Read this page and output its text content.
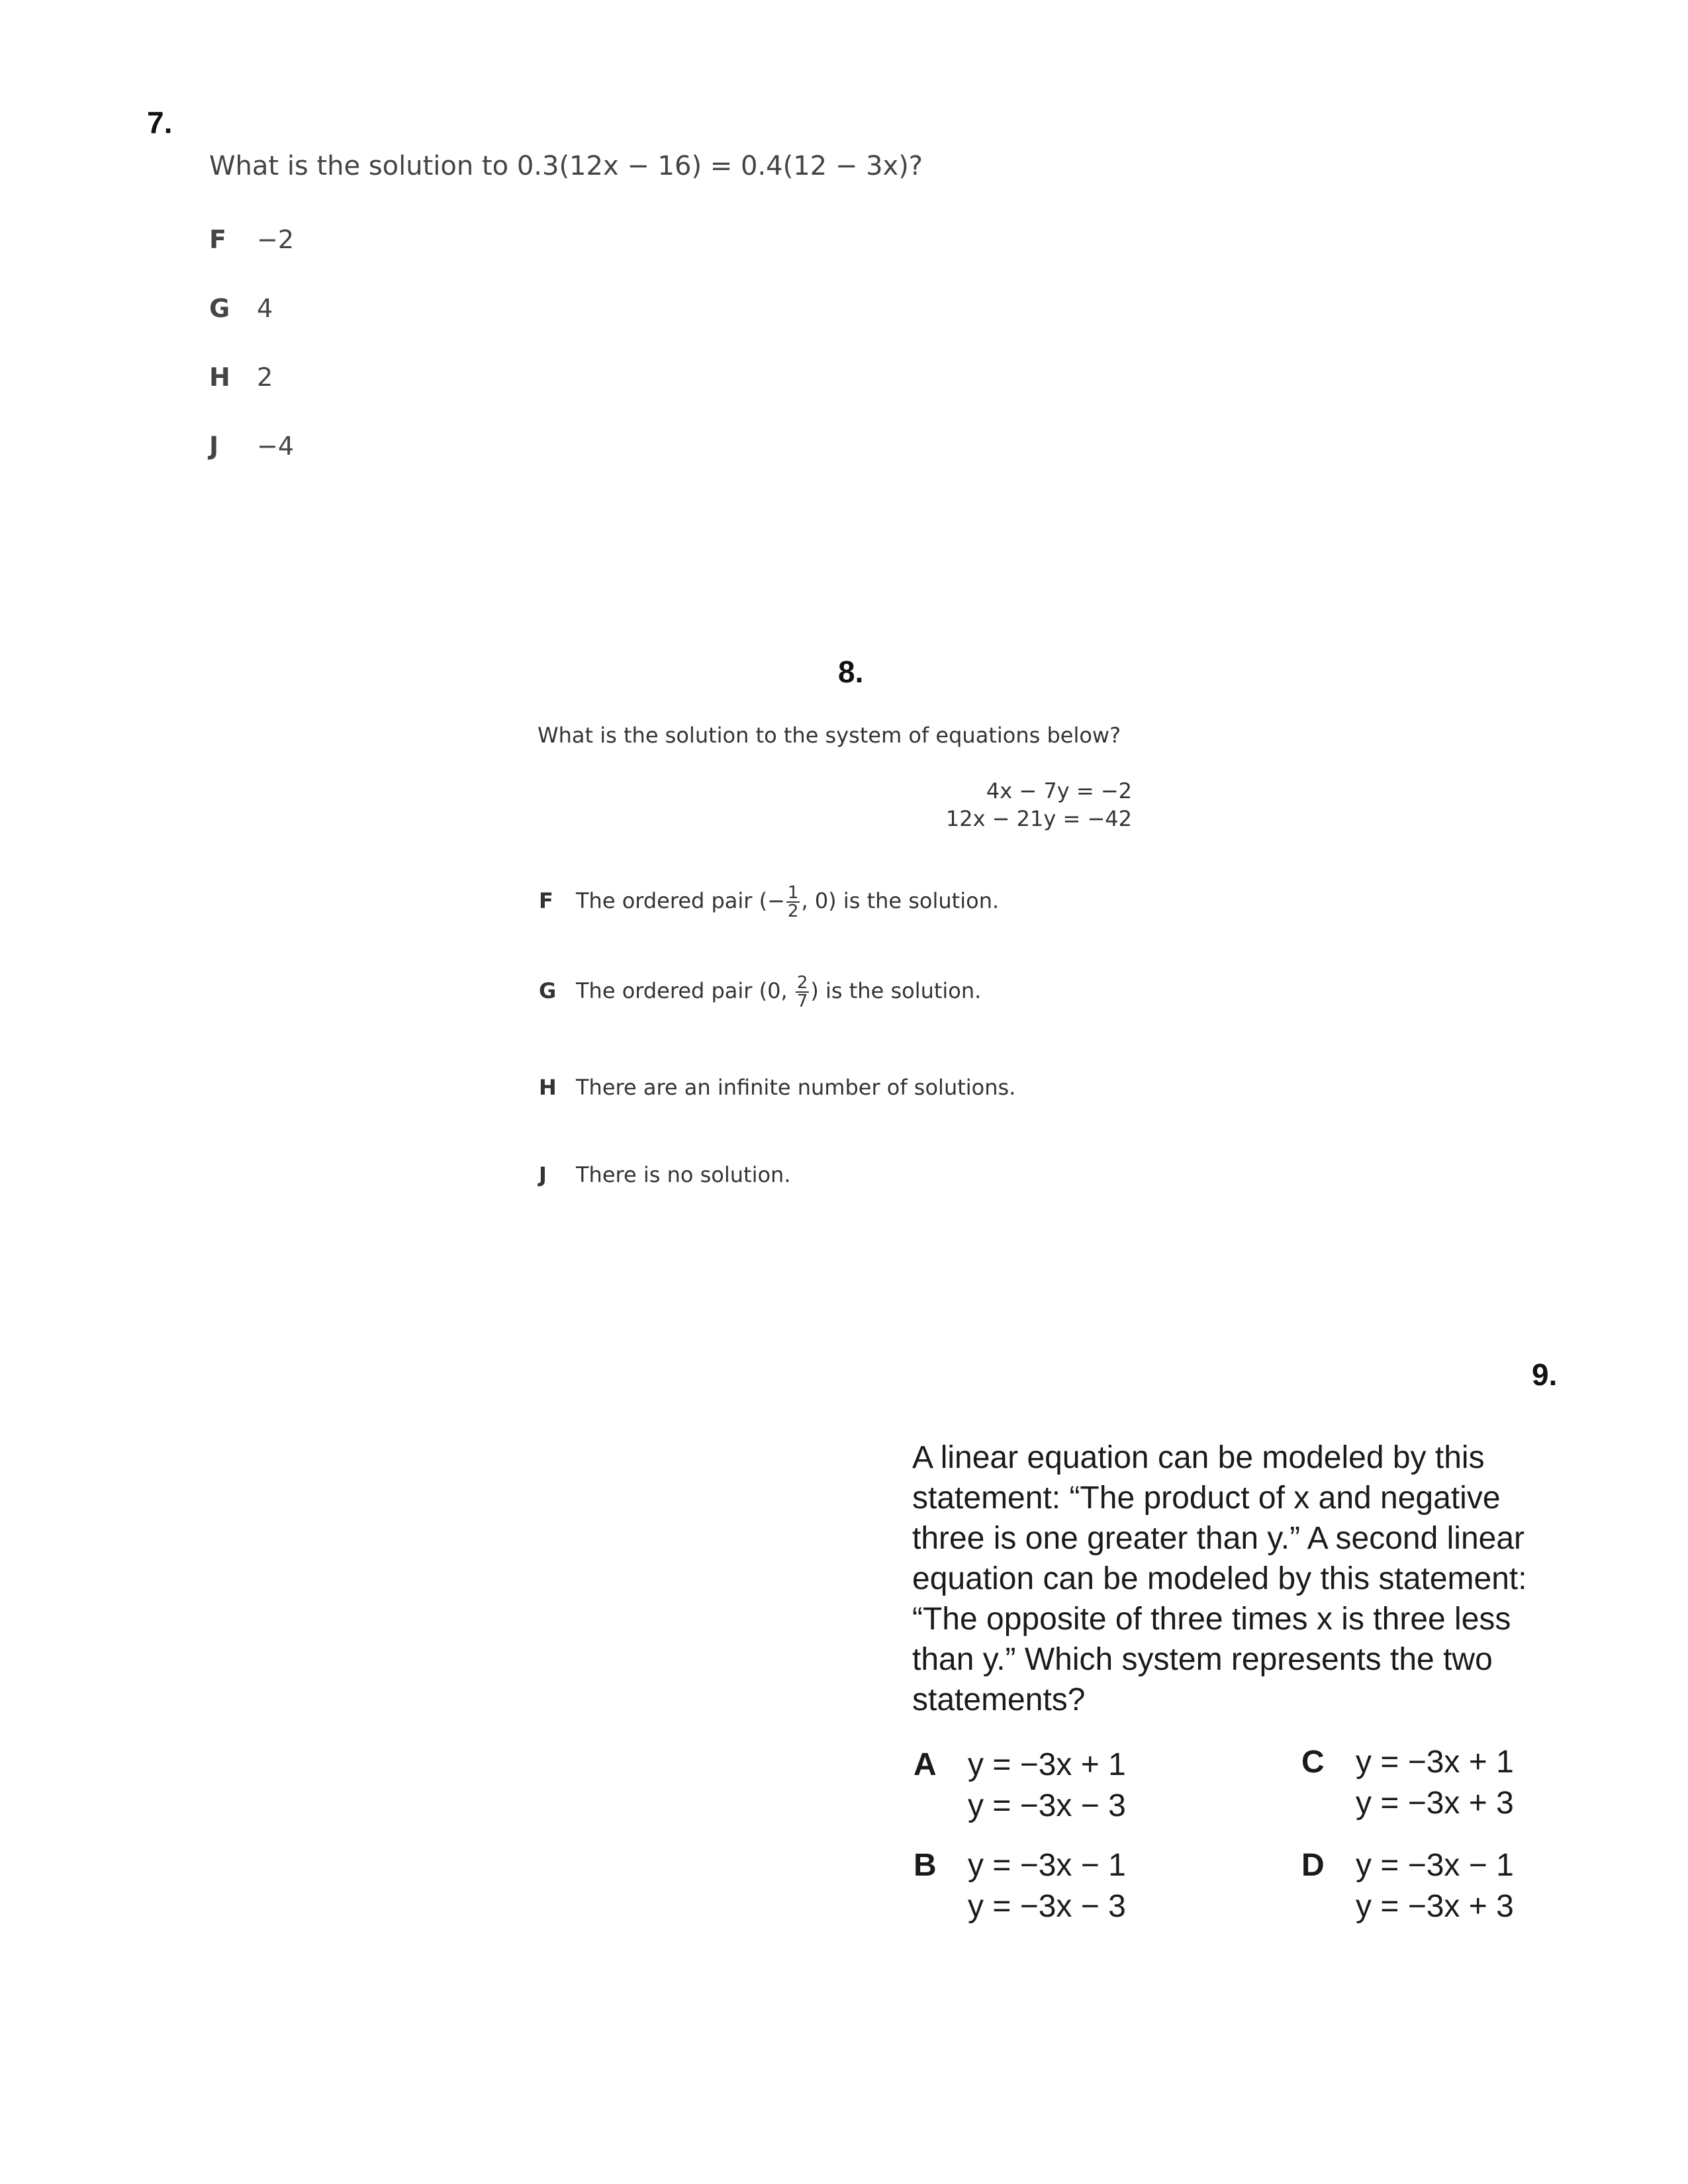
7.
What is the solution to 0.3(12x − 16) = 0.4(12 − 3x)?
F −2
G 4
H 2
J −4
8.
What is the solution to the system of equations below?
4x − 7y = −2
12x − 21y = −42
F The ordered pair (− $\frac{1}{2}$ , 0) is the solution.
G The ordered pair (0, $\frac{2}{7}$ ) is the solution.
H There are an infinite number of solutions.
J There is no solution.
9.
A linear equation can be modeled by this statement: “The product of x and negative three is one greater than y.” A second linear equation can be modeled by this statement: “The opposite of three times x is three less than y.” Which system represents the two statements?
A y = −3x + 1
y = −3x − 3
B y = −3x − 1
y = −3x − 3
C y = −3x + 1
y = −3x + 3
D y = −3x − 1
y = −3x + 3
